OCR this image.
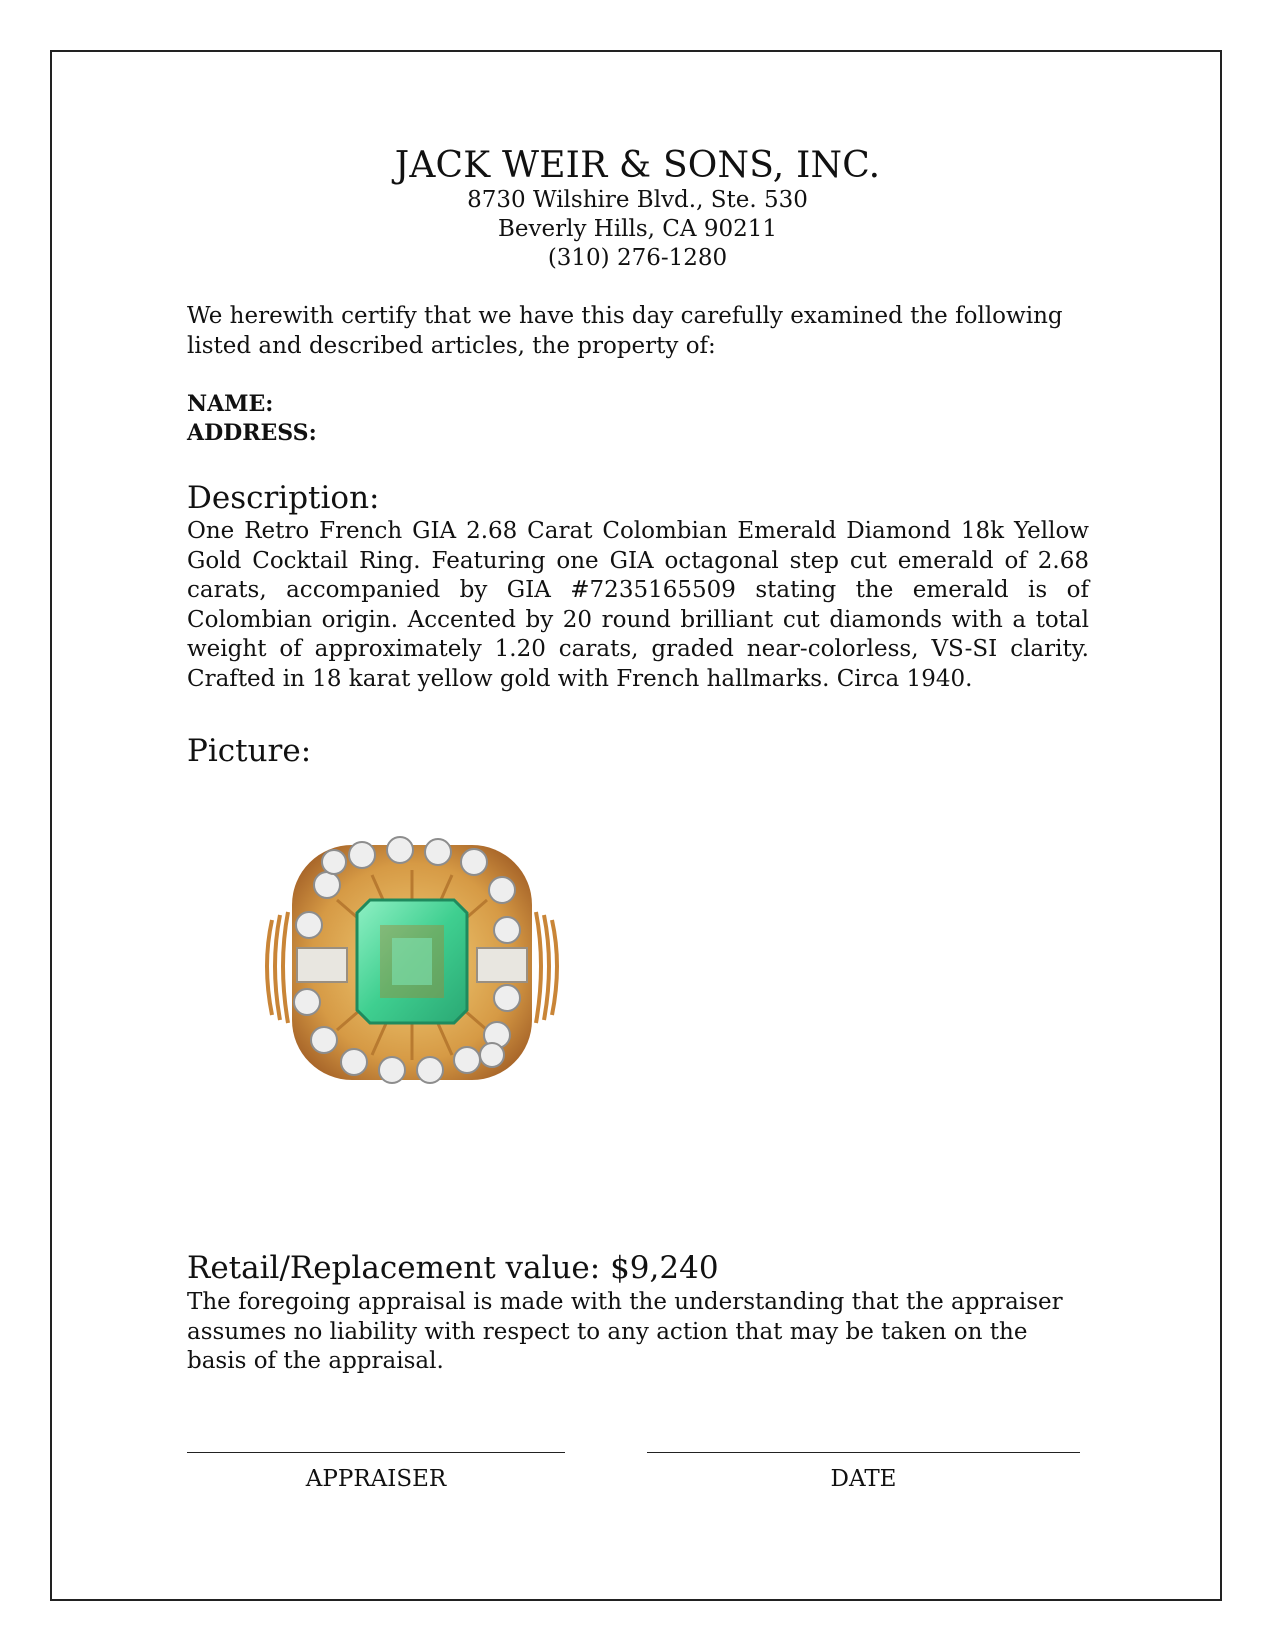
JACK WEIR & SONS, INC.
8730 Wilshire Blvd., Ste. 530
Beverly Hills, CA 90211
(310) 276-1280
We herewith certify that we have this day carefully examined the following listed and described articles, the property of:
NAME:
ADDRESS:
Description:
One Retro French GIA 2.68 Carat Colombian Emerald Diamond 18k Yellow Gold Cocktail Ring. Featuring one GIA octagonal step cut emerald of 2.68 carats, accompanied by GIA #7235165509 stating the emerald is of Colombian origin. Accented by 20 round brilliant cut diamonds with a total weight of approximately 1.20 carats, graded near-colorless, VS-SI clarity. Crafted in 18 karat yellow gold with French hallmarks. Circa 1940.
Picture:
Retail/Replacement value: $9,240
The foregoing appraisal is made with the understanding that the appraiser assumes no liability with respect to any action that may be taken on the basis of the appraisal.
APPRAISER	DATE
